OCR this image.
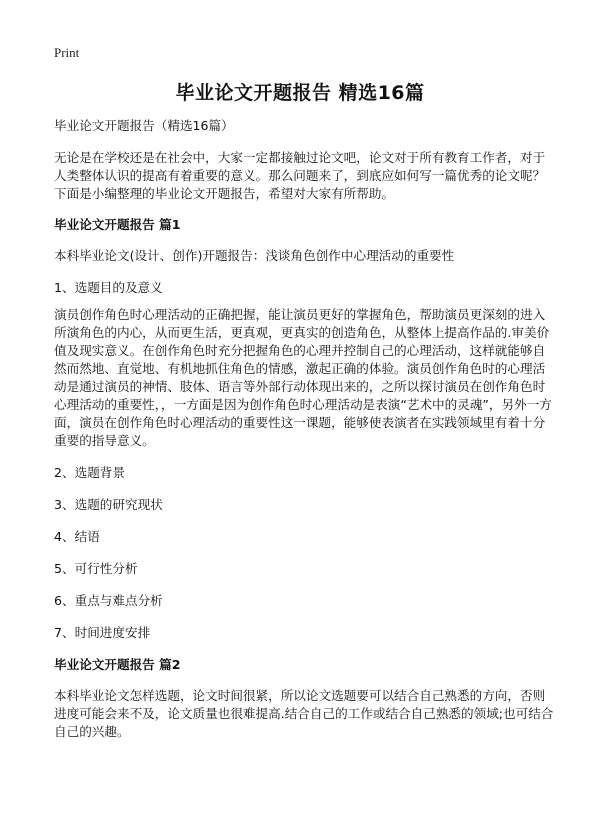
Print
毕业论文开题报告 精选16篇

毕业论文开题报告（精选16篇）

无论是在学校还是在社会中，大家一定都接触过论文吧，论文对于所有教育工作者，对于人类整体认识的提高有着重要的意义。那么问题来了，到底应如何写一篇优秀的论文呢？下面是小编整理的毕业论文开题报告，希望对大家有所帮助。

毕业论文开题报告 篇1

本科毕业论文(设计、创作)开题报告：浅谈角色创作中心理活动的重要性

1、选题目的及意义

演员创作角色时心理活动的正确把握，能让演员更好的掌握角色，帮助演员更深刻的进入所演角色的内心，从而更生活，更真观，更真实的创造角色，从整体上提高作品的.审美价值及现实意义。在创作角色时充分把握角色的心理并控制自己的心理活动，这样就能够自然而然地、直觉地、有机地抓住角色的情感，激起正确的体验。演员创作角色时的心理活动是通过演员的神情、肢体、语言等外部行动体现出来的，之所以探讨演员在创作角色时心理活动的重要性，，一方面是因为创作角色时心理活动是表演“艺术中的灵魂”，另外一方面，演员在创作角色时心理活动的重要性这一课题，能够使表演者在实践领域里有着十分重要的指导意义。

2、选题背景

3、选题的研究现状

4、结语

5、可行性分析

6、重点与难点分析

7、时间进度安排

毕业论文开题报告 篇2

本科毕业论文怎样选题，论文时间很紧，所以论文选题要可以结合自己熟悉的方向，否则进度可能会来不及，论文质量也很难提高.结合自己的工作或结合自己熟悉的领域;也可结合自己的兴趣。
